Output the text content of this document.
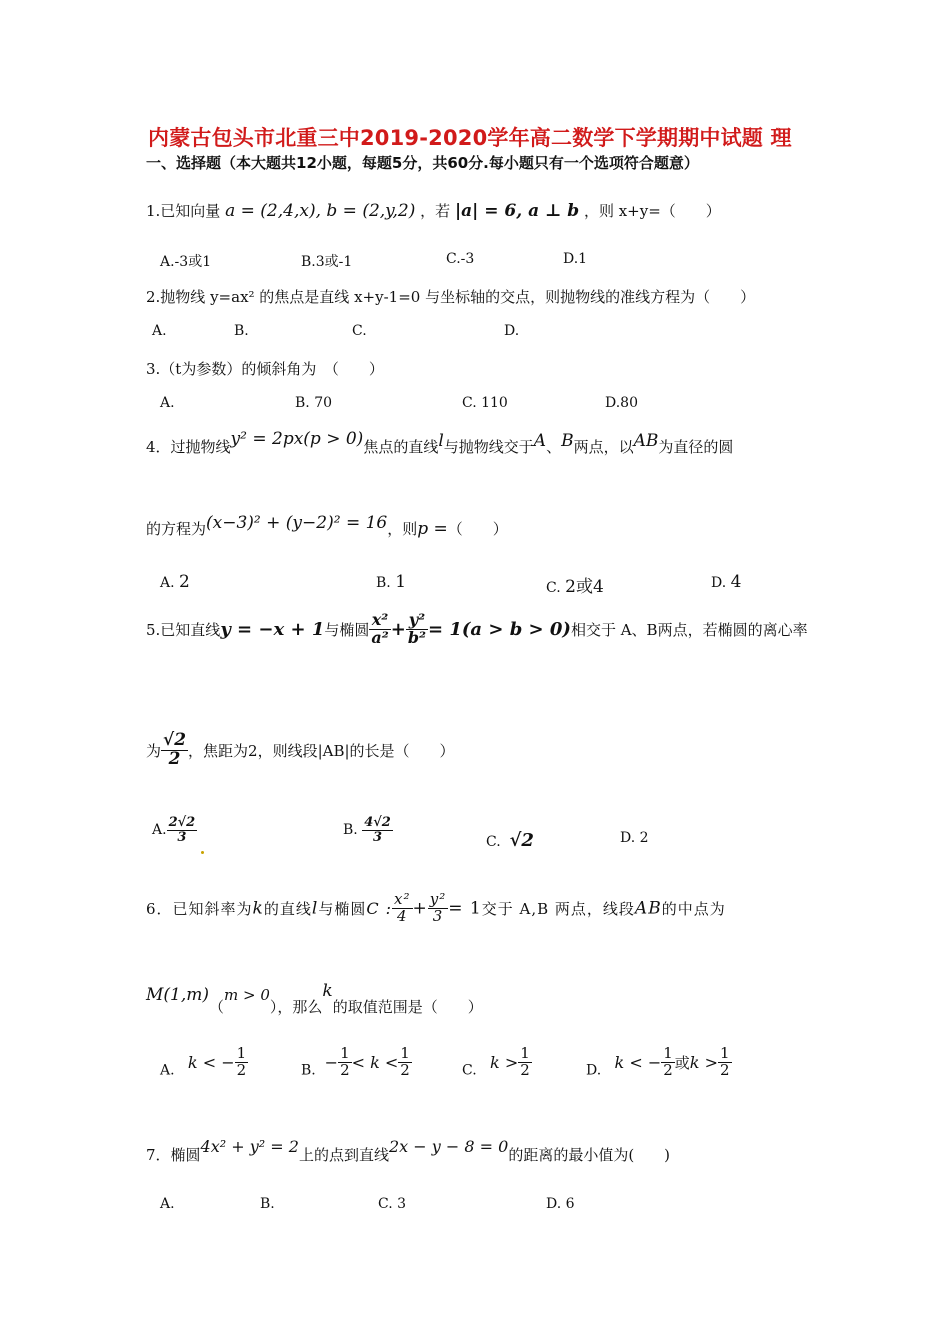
内蒙古包头市北重三中2019-2020学年高二数学下学期期中试题 理
一、选择题（本大题共12小题，每题5分，共60分.每小题只有一个选项符合题意）
1.已知向量 a = (2,4,x), b = (2,y,2) ，若 |a| = 6, a ⊥ b ，则 x+y=（　　）
A.-3或1	B.3或-1	C.-3	D.1
2.抛物线 y=ax² 的焦点是直线 x+y-1=0 与坐标轴的交点，则抛物线的准线方程为（　　）
A.	B.	C.	D.
3.（t为参数）的倾斜角为　（　　）
A.	B. 70	C. 110	D.80
4．过抛物线y² = 2px(p > 0)焦点的直线l与抛物线交于A、B两点，以AB为直径的圆
的方程为(x−3)² + (y−2)² = 16，则p =（　　）
A. 2	B. 1	C. 2或4	D. 4
5.已知直线y = −x + 1与椭圆 $\frac{\text{x²}}{\text{a²}} + \frac{\text{y²}}{\text{b²}} = 1(a > b > 0)$相交于 A、B两点，若椭圆的离心率
为 $\frac{√2}{2}$ ，焦距为2，则线段|AB|的长是（　　）
A. $\frac{2√2}{3}$	B. $\frac{4√2}{3}$	C. √2	D. 2
6．已知斜率为k的直线l与椭圆C : $\frac{\text{x²}}{4} + \frac{\text{y²}}{3} = 1$交于 A,B 两点，线段AB的中点为
M(1,m)（m > 0），那么k的取值范围是（　　）
A. k < − $\frac{1}{2}$	B. − $\frac{1}{2} < k < \frac{1}{2}$	C. $k > \frac{1}{2}$	D. k < − $\frac{1}{2}$ 或$k > \frac{1}{2}$
7．椭圆4x² + y² = 2上的点到直线2x − y − 8 = 0的距离的最小值为(　　)
A.	B.	C. 3	D. 6
